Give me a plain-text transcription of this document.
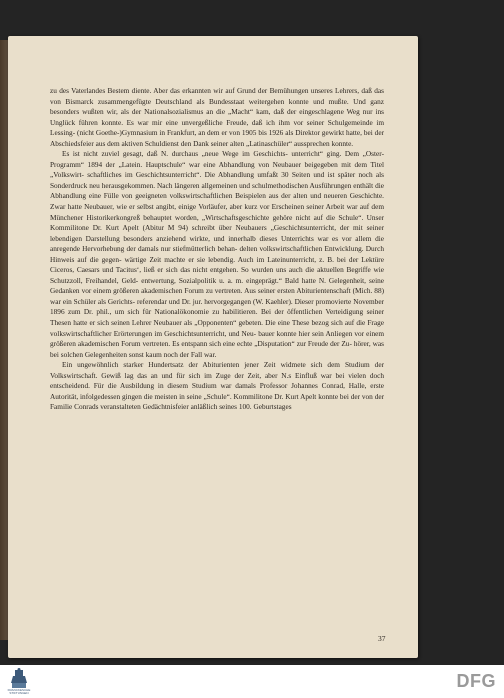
zu des Vaterlandes Bestem diente. Aber das erkannten wir auf Grund der Bemühungen unseres Lehrers, daß das von Bismarck zusammengefügte Deutschland als Bundesstaat weitergehen konnte und mußte. Und ganz besonders wußten wir, als der Nationalsozialismus an die „Macht“ kam, daß der eingeschlagene Weg nur ins Unglück führen konnte. Es war mir eine unvergeßliche Freude, daß ich ihm vor seiner Schulgemeinde im Lessing- (nicht Goethe-)Gymnasium in Frankfurt, an dem er von 1905 bis 1926 als Direktor gewirkt hatte, bei der Abschiedsfeier aus dem aktiven Schuldienst den Dank seiner alten „Latinaschüler“ aussprechen konnte.

Es ist nicht zuviel gesagt, daß N. durchaus „neue Wege im Geschichts- unterricht“ ging. Dem „Oster-Programm“ 1894 der „Latein. Hauptschule“ war eine Abhandlung von Neubauer beigegeben mit dem Titel „Volkswirt- schaftliches im Geschichtsunterricht“. Die Abhandlung umfaßt 30 Seiten und ist später noch als Sonderdruck neu herausgekommen. Nach längeren allgemeinen und schulmethodischen Ausführungen enthält die Abhandlung eine Fülle von geeigneten volkswirtschaftlichen Beispielen aus der alten und neueren Geschichte. Zwar hatte Neubauer, wie er selbst angibt, einige Vorläufer, aber kurz vor Erscheinen seiner Arbeit war auf dem Münchener Historikerkongreß behauptet worden, „Wirtschaftsgeschichte gehöre nicht auf die Schule“. Unser Kommilitone Dr. Kurt Apelt (Abitur M 94) schreibt über Neubauers „Geschichtsunterricht, der mit seiner lebendigen Darstellung besonders anziehend wirkte, und innerhalb dieses Unterrichts war es vor allem die anregende Hervorhebung der damals nur stiefmütterlich behan- delten volkswirtschaftlichen Entwicklung. Durch Hinweis auf die gegen- wärtige Zeit machte er sie lebendig. Auch im Lateinunterricht, z. B. bei der Lektüre Ciceros, Caesars und Tacitus‘, ließ er sich das nicht entgehen. So wurden uns auch die aktuellen Begriffe wie Schutzzoll, Freihandel, Geld- entwertung, Sozialpolitik u. a. m. eingeprägt.“ Bald hatte N. Gelegenheit, seine Gedanken vor einem größeren akademischen Forum zu vertreten. Aus seiner ersten Abiturientenschaft (Mich. 88) war ein Schüler als Gerichts- referendar und Dr. jur. hervorgegangen (W. Kaehler). Dieser promovierte November 1896 zum Dr. phil., um sich für Nationalökonomie zu habilitieren. Bei der öffentlichen Verteidigung seiner Thesen hatte er sich seinen Lehrer Neubauer als „Opponenten“ gebeten. Die eine These bezog sich auf die Frage volkswirtschaftlicher Erörterungen im Geschichtsunterricht, und Neu- bauer konnte hier sein Anliegen vor einem größeren akademischen Forum vertreten. Es entspann sich eine echte „Disputation“ zur Freude der Zu- hörer, was bei solchen Gelegenheiten sonst kaum noch der Fall war.

Ein ungewöhnlich starker Hundertsatz der Abiturienten jener Zeit widmete sich dem Studium der Volkswirtschaft. Gewiß lag das an und für sich im Zuge der Zeit, aber N.s Einfluß war bei vielen doch entscheidend. Für die Ausbildung in diesem Studium war damals Professor Johannes Conrad, Halle, erste Autorität, infolgedessen gingen die meisten in seine „Schule“. Kommilitone Dr. Kurt Apelt konnte bei der von der Familie Conrads veranstalteten Gedächtnisfeier anläßlich seines 100. Geburtstages

37
FRANCKESCHE STIFTUNGEN
DFG
